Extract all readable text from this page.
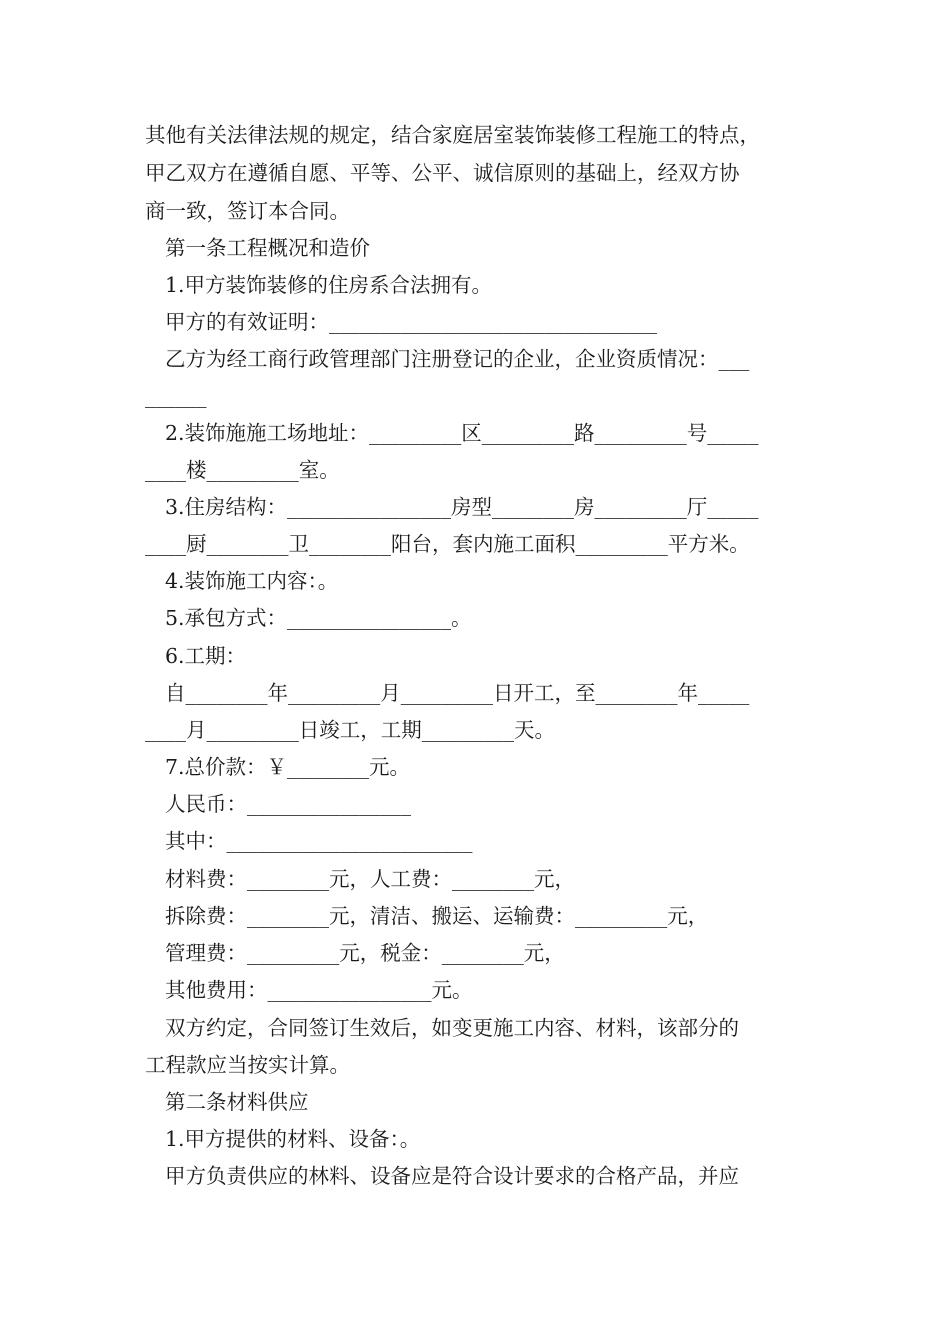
其他有关法律法规的规定，结合家庭居室装饰装修工程施工的特点，
甲乙双方在遵循自愿、平等、公平、诚信原则的基础上，经双方协
商一致，签订本合同。
第一条工程概况和造价
1.甲方装饰装修的住房系合法拥有。
甲方的有效证明：________________________________
乙方为经工商行政管理部门注册登记的企业，企业资质情况：___
______
2.装饰施施工场地址：_________区_________路_________号_____
____楼_________室。
3.住房结构：________________房型________房_________厅_____
____厨________卫________阳台，套内施工面积_________平方米。
4.装饰施工内容：。
5.承包方式：________________。
6.工期：
自________年_________月_________日开工，至________年_____
____月_________日竣工，工期_________天。
7.总价款：￥________元。
人民币：________________
其中：________________________
材料费：________元，人工费：________元，
拆除费：________元，清洁、搬运、运输费：_________元，
管理费：_________元，税金：________元，
其他费用：________________元。
双方约定，合同签订生效后，如变更施工内容、材料，该部分的
工程款应当按实计算。
第二条材料供应
1.甲方提供的材料、设备：。
甲方负责供应的林料、设备应是符合设计要求的合格产品，并应
